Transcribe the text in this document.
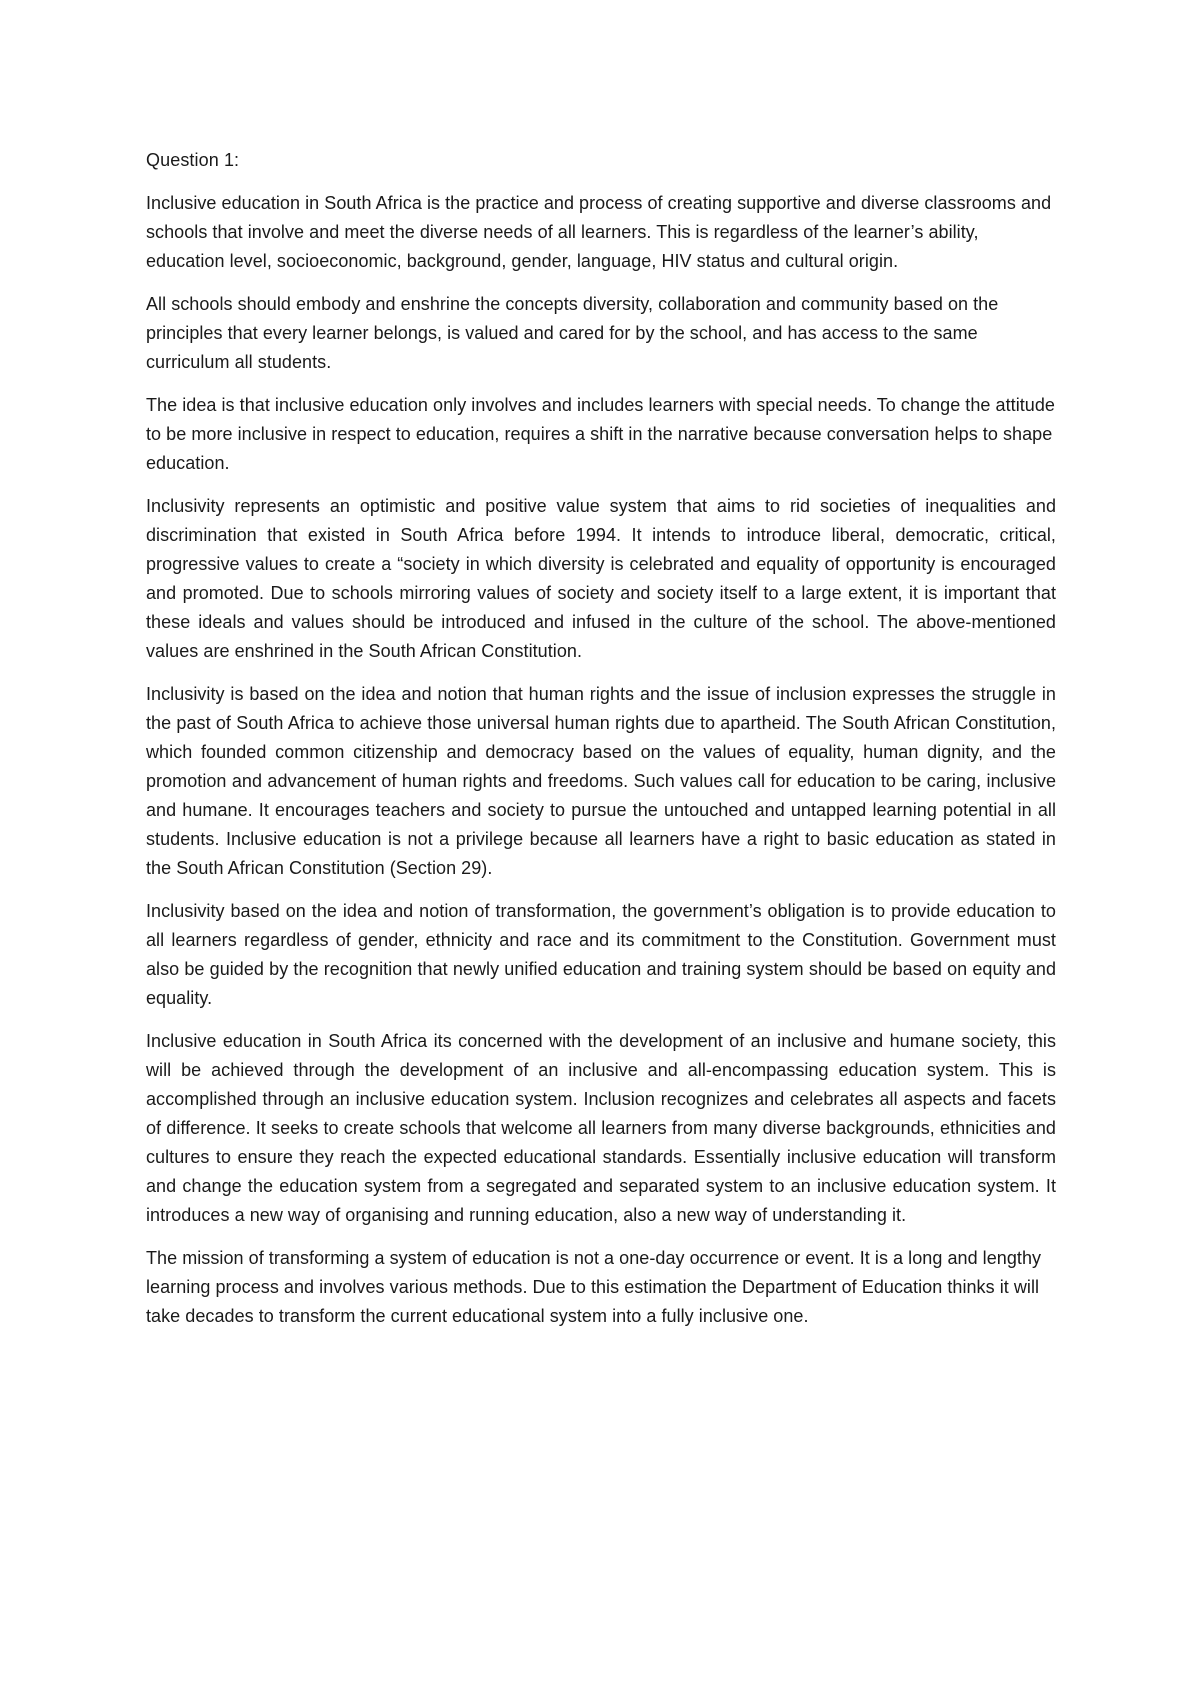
Question 1:

Inclusive education in South Africa is the practice and process of creating supportive and diverse classrooms and schools that involve and meet the diverse needs of all learners. This is regardless of the learner’s ability, education level, socioeconomic, background, gender, language, HIV status and cultural origin.

All schools should embody and enshrine the concepts diversity, collaboration and community based on the principles that every learner belongs, is valued and cared for by the school, and has access to the same curriculum all students.

The idea is that inclusive education only involves and includes learners with special needs. To change the attitude to be more inclusive in respect to education, requires a shift in the narrative because conversation helps to shape education.

Inclusivity represents an optimistic and positive value system that aims to rid societies of inequalities and discrimination that existed in South Africa before 1994. It intends to introduce liberal, democratic, critical, progressive values to create a “society in which diversity is celebrated and equality of opportunity is encouraged and promoted. Due to schools mirroring values of society and society itself to a large extent, it is important that these ideals and values should be introduced and infused in the culture of the school. The above-mentioned values are enshrined in the South African Constitution.

Inclusivity is based on the idea and notion that human rights and the issue of inclusion expresses the struggle in the past of South Africa to achieve those universal human rights due to apartheid. The South African Constitution, which founded common citizenship and democracy based on the values of equality, human dignity, and the promotion and advancement of human rights and freedoms. Such values call for education to be caring, inclusive and humane. It encourages teachers and society to pursue the untouched and untapped learning potential in all students. Inclusive education is not a privilege because all learners have a right to basic education as stated in the South African Constitution (Section 29).

Inclusivity based on the idea and notion of transformation, the government’s obligation is to provide education to all learners regardless of gender, ethnicity and race and its commitment to the Constitution. Government must also be guided by the recognition that newly unified education and training system should be based on equity and equality.

Inclusive education in South Africa its concerned with the development of an inclusive and humane society, this will be achieved through the development of an inclusive and all-encompassing education system. This is accomplished through an inclusive education system. Inclusion recognizes and celebrates all aspects and facets of difference. It seeks to create schools that welcome all learners from many diverse backgrounds, ethnicities and cultures to ensure they reach the expected educational standards. Essentially inclusive education will transform and change the education system from a segregated and separated system to an inclusive education system. It introduces a new way of organising and running education, also a new way of understanding it.

The mission of transforming a system of education is not a one-day occurrence or event. It is a long and lengthy learning process and involves various methods. Due to this estimation the Department of Education thinks it will take decades to transform the current educational system into a fully inclusive one.
